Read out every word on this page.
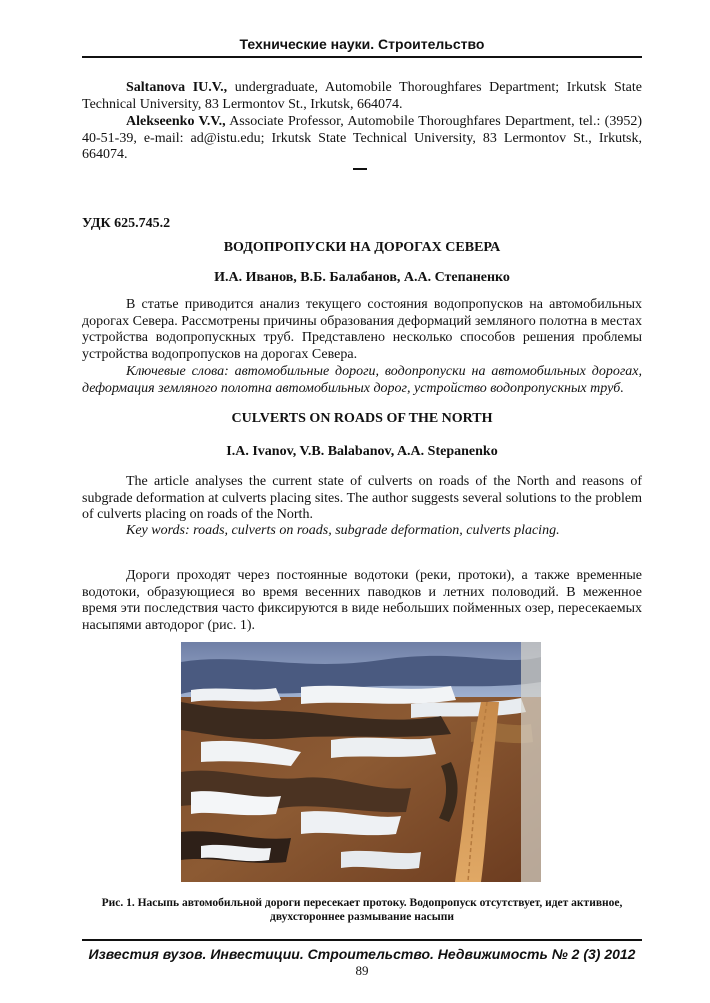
Технические науки. Строительство

Saltanova IU.V., undergraduate, Automobile Thoroughfares Department; Irkutsk State Technical University, 83 Lermontov St., Irkutsk, 664074.

Alekseenko V.V., Associate Professor, Automobile Thoroughfares Department, tel.: (3952) 40-51-39, e-mail: ad@istu.edu; Irkutsk State Technical University, 83 Lermontov St., Irkutsk, 664074.

УДК 625.745.2
ВОДОПРОПУСКИ НА ДОРОГАХ СЕВЕРА
И.А. Иванов, В.Б. Балабанов, А.А. Степаненко

В статье приводится анализ текущего состояния водопропусков на автомобильных дорогах Севера. Рассмотрены причины образования деформаций земляного полотна в местах устройства водопропускных труб. Представлено несколько способов решения проблемы устройства водопропусков на дорогах Севера.

Ключевые слова: автомобильные дороги, водопропуски на автомобильных дорогах, деформация земляного полотна автомобильных дорог, устройство водопропускных труб.

CULVERTS ON ROADS OF THE NORTH
I.A. Ivanov, V.B. Balabanov, A.A. Stepanenko

The article analyses the current state of culverts on roads of the North and reasons of subgrade deformation at culverts placing sites. The author suggests several solutions to the problem of culverts placing on roads of the North.

Key words: roads, culverts on roads, subgrade deformation, culverts placing.

Дороги проходят через постоянные водотоки (реки, протоки), а также временные водотоки, образующиеся во время весенних паводков и летних половодий. В меженное время эти последствия часто фиксируются в виде небольших пойменных озер, пересекаемых насыпями автодорог (рис. 1).

Рис. 1. Насыпь автомобильной дороги пересекает протоку. Водопропуск отсутствует, идет активное, двухстороннее размывание насыпи
Известия вузов. Инвестиции. Строительство. Недвижимость № 2 (3) 2012
89
